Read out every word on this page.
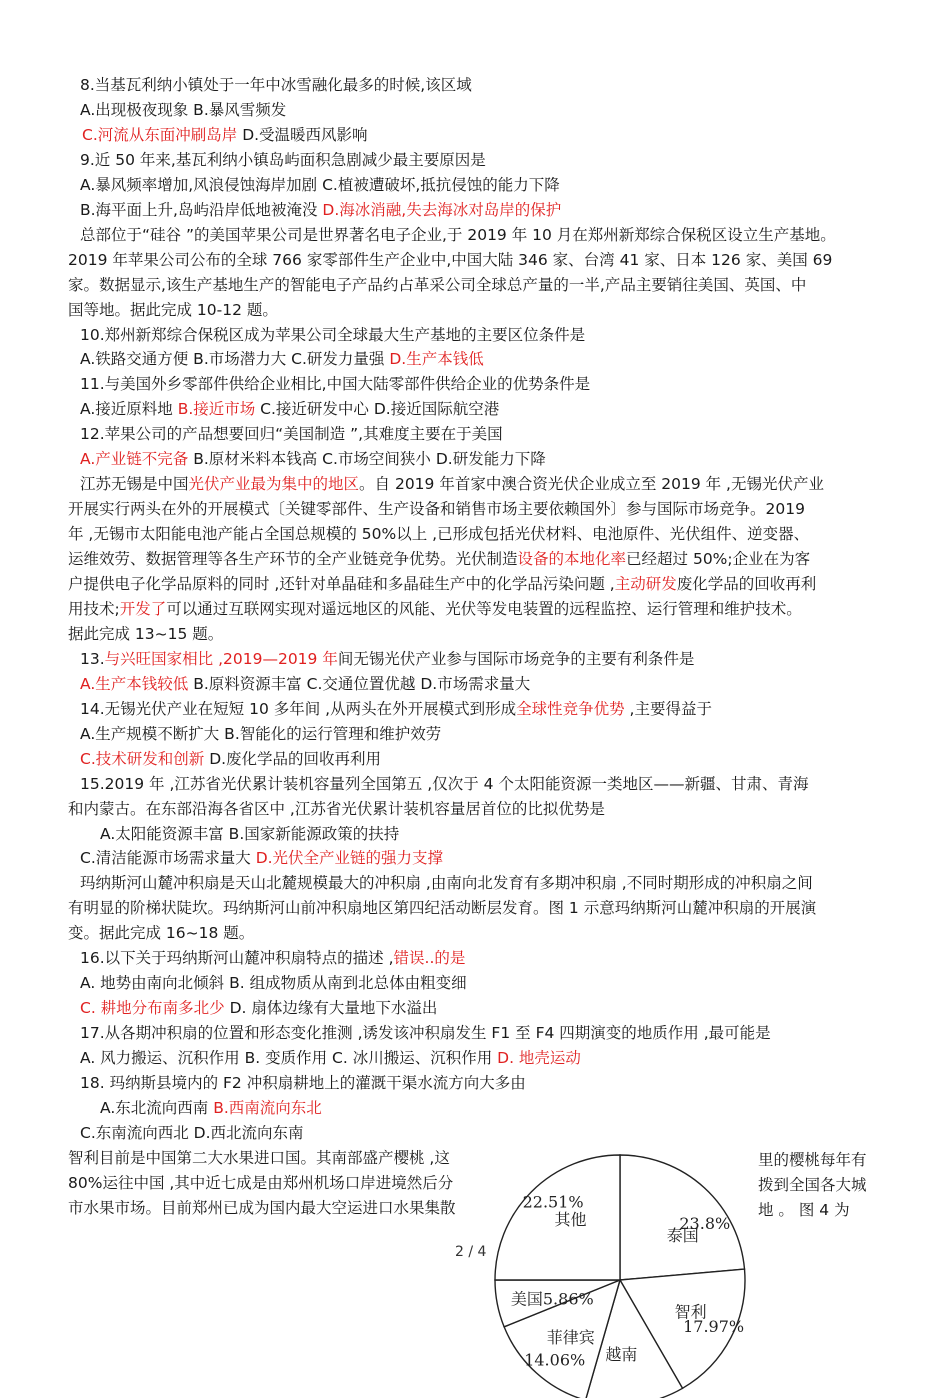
8.当基瓦利纳小镇处于一年中冰雪融化最多的时候,该区域
A.出现极夜现象 B.暴风雪频发
C.河流从东面冲刷岛岸 D.受温暖西风影响
9.近 50 年来,基瓦利纳小镇岛屿面积急剧减少最主要原因是
A.暴风频率增加,风浪侵蚀海岸加剧 C.植被遭破坏,抵抗侵蚀的能力下降
B.海平面上升,岛屿沿岸低地被淹没 D.海冰消融,失去海冰对岛岸的保护
总部位于“硅谷 ”的美国苹果公司是世界著名电子企业,于 2019 年 10 月在郑州新郑综合保税区设立生产基地。
2019 年苹果公司公布的全球 766 家零部件生产企业中,中国大陆 346 家、台湾 41 家、日本 126 家、美国 69
家。数据显示,该生产基地生产的智能电子产品约占革采公司全球总产量的一半,产品主要销往美国、英国、中
国等地。据此完成 10-12 题。
10.郑州新郑综合保税区成为苹果公司全球最大生产基地的主要区位条件是
A.铁路交通方便 B.市场潜力大 C.研发力量强 D.生产本钱低
11.与美国外乡零部件供给企业相比,中国大陆零部件供给企业的优势条件是
A.接近原料地 B.接近市场 C.接近研发中心 D.接近国际航空港
12.苹果公司的产品想要回归“美国制造 ”,其难度主要在于美国
A.产业链不完备 B.原材米料本钱高 C.市场空间狭小 D.研发能力下降
江苏无锡是中国光伏产业最为集中的地区。自 2019 年首家中澳合资光伏企业成立至 2019 年 ,无锡光伏产业
开展实行两头在外的开展模式〔关键零部件、生产设备和销售市场主要依赖国外〕参与国际市场竞争。2019
年 ,无锡市太阳能电池产能占全国总规模的 50%以上 ,已形成包括光伏材料、电池原件、光伏组件、逆变器、
运维效劳、数据管理等各生产环节的全产业链竞争优势。光伏制造设备的本地化率已经超过 50%;企业在为客
户提供电子化学品原料的同时 ,还针对单晶硅和多晶硅生产中的化学品污染问题 ,主动研发废化学品的回收再利
用技术;开发了可以通过互联网实现对遥远地区的风能、光伏等发电装置的远程监控、运行管理和维护技术。
据此完成 13~15 题。
13.与兴旺国家相比 ,2019—2019 年间无锡光伏产业参与国际市场竞争的主要有利条件是
A.生产本钱较低 B.原料资源丰富 C.交通位置优越 D.市场需求量大
14.无锡光伏产业在短短 10 多年间 ,从两头在外开展模式到形成全球性竞争优势 ,主要得益于
A.生产规模不断扩大 B.智能化的运行管理和维护效劳
C.技术研发和创新 D.废化学品的回收再利用
15.2019 年 ,江苏省光伏累计装机容量列全国第五 ,仅次于 4 个太阳能资源一类地区——新疆、甘肃、青海
和内蒙古。在东部沿海各省区中 ,江苏省光伏累计装机容量居首位的比拟优势是
A.太阳能资源丰富 B.国家新能源政策的扶持
C.清洁能源市场需求量大 D.光伏全产业链的强力支撑
玛纳斯河山麓冲积扇是天山北麓规模最大的冲积扇 ,由南向北发育有多期冲积扇 ,不同时期形成的冲积扇之间
有明显的阶梯状陡坎。玛纳斯河山前冲积扇地区第四纪活动断层发育。图 1 示意玛纳斯河山麓冲积扇的开展演
变。据此完成 16~18 题。
16.以下关于玛纳斯河山麓冲积扇特点的描述 ,错误..的是
A. 地势由南向北倾斜 B. 组成物质从南到北总体由粗变细
C. 耕地分布南多北少 D. 扇体边缘有大量地下水溢出
17.从各期冲积扇的位置和形态变化推测 ,诱发该冲积扇发生 F1 至 F4 四期演变的地质作用 ,最可能是
A. 风力搬运、沉积作用 B. 变质作用 C. 冰川搬运、沉积作用 D. 地壳运动
18. 玛纳斯县境内的 F2 冲积扇耕地上的灌溉干渠水流方向大多由
A.东北流向西南 B.西南流向东北
C.东南流向西北 D.西北流向东南
智利目前是中国第二大水果进口国。其南部盛产樱桃 ,这
80%运往中国 ,其中近七成是由郑州机场口岸进境然后分
市水果市场。目前郑州已成为国内最大空运进口水果集散
里的樱桃每年有
拨到全国各大城
地 。 图 4 为
泰国
23.8%
智利
17.97%
越南
菲律宾
14.06%
美国5.86%
其他
22.51%
2 / 4
